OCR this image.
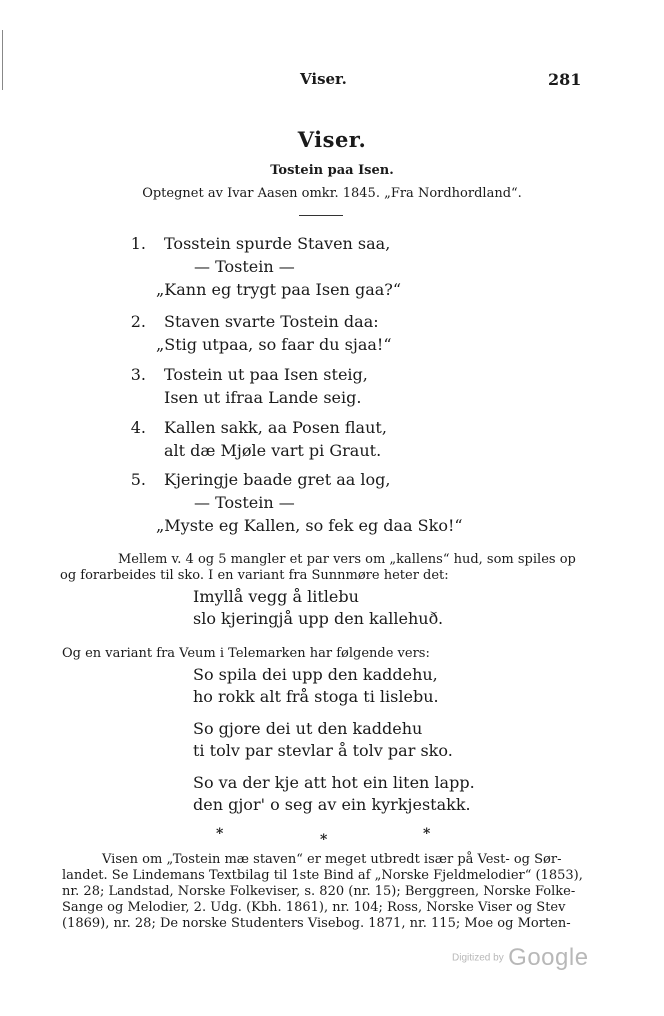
Viser.	281
Viser.
Tostein paa Isen.
Optegnet av Ivar Aasen omkr. 1845. „Fra Nordhordland“.
1. Tosstein spurde Staven saa,
— Tostein —
„Kann eg trygt paa Isen gaa?“
2. Staven svarte Tostein daa:
„Stig utpaa, so faar du sjaa!“
3. Tostein ut paa Isen steig,
Isen ut ifraa Lande seig.
4. Kallen sakk, aa Posen flaut,
alt dæ Mjøle vart pi Graut.
5. Kjeringje baade gret aa log,
— Tostein —
„Myste eg Kallen, so fek eg daa Sko!“
Mellem v. 4 og 5 mangler et par vers om „kallens“ hud, som spiles op
og forarbeides til sko. I en variant fra Sunnmøre heter det:
Imyllå vegg å litlebu
slo kjeringjå upp den kallehuð.
Og en variant fra Veum i Telemarken har følgende vers:
So spila dei upp den kaddehu,
ho rokk alt frå stoga ti lislebu.
So gjore dei ut den kaddehu
ti tolv par stevlar å tolv par sko.
So va der kje att hot ein liten lapp.
den gjor' o seg av ein kyrkjestakk.
*	*	*
Visen om „Tostein mæ staven“ er meget utbredt især på Vest- og Sør-
landet. Se Lindemans Textbilag til 1ste Bind af „Norske Fjeldmelodier“ (1853),
nr. 28; Landstad, Norske Folkeviser, s. 820 (nr. 15); Berggreen, Norske Folke-
Sange og Melodier, 2. Udg. (Kbh. 1861), nr. 104; Ross, Norske Viser og Stev
(1869), nr. 28; De norske Studenters Visebog. 1871, nr. 115; Moe og Morten-
Digitized by Google
